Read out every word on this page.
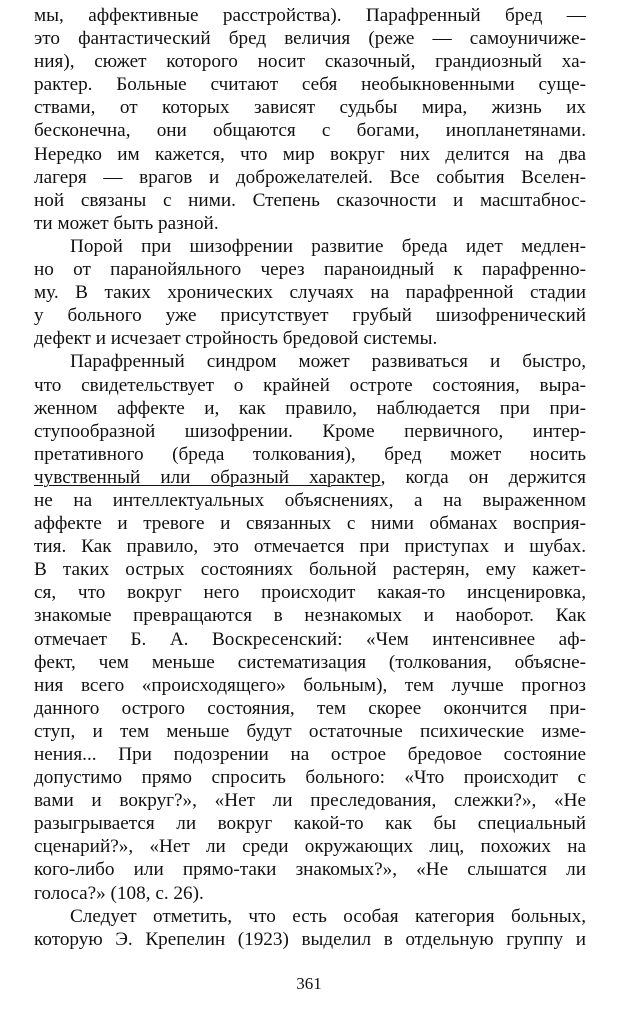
мы, аффективные расстройства). Парафренный бред —
это фантастический бред величия (реже — самоуничиже-
ния), сюжет которого носит сказочный, грандиозный ха-
рактер. Больные считают себя необыкновенными суще-
ствами, от которых зависят судьбы мира, жизнь их
бесконечна, они общаются с богами, инопланетянами.
Нередко им кажется, что мир вокруг них делится на два
лагеря — врагов и доброжелателей. Все события Вселен-
ной связаны с ними. Степень сказочности и масштабнос-
ти может быть разной.
Порой при шизофрении развитие бреда идет медлен-
но от паранойяльного через параноидный к парафренно-
му. В таких хронических случаях на парафренной стадии
у больного уже присутствует грубый шизофренический
дефект и исчезает стройность бредовой системы.
Парафренный синдром может развиваться и быстро,
что свидетельствует о крайней остроте состояния, выра-
женном аффекте и, как правило, наблюдается при при-
ступообразной шизофрении. Кроме первичного, интер-
претативного (бреда толкования), бред может носить
чувственный или образный характер, когда он держится
не на интеллектуальных объяснениях, а на выраженном
аффекте и тревоге и связанных с ними обманах восприя-
тия. Как правило, это отмечается при приступах и шубах.
В таких острых состояниях больной растерян, ему кажет-
ся, что вокруг него происходит какая-то инсценировка,
знакомые превращаются в незнакомых и наоборот. Как
отмечает Б. А. Воскресенский: «Чем интенсивнее аф-
фект, чем меньше систематизация (толкования, объясне-
ния всего «происходящего» больным), тем лучше прогноз
данного острого состояния, тем скорее окончится при-
ступ, и тем меньше будут остаточные психические изме-
нения... При подозрении на острое бредовое состояние
допустимо прямо спросить больного: «Что происходит с
вами и вокруг?», «Нет ли преследования, слежки?», «Не
разыгрывается ли вокруг какой-то как бы специальный
сценарий?», «Нет ли среди окружающих лиц, похожих на
кого-либо или прямо-таки знакомых?», «Не слышатся ли
голоса?» (108, с. 26).
Следует отметить, что есть особая категория больных,
которую Э. Крепелин (1923) выделил в отдельную группу и
361
